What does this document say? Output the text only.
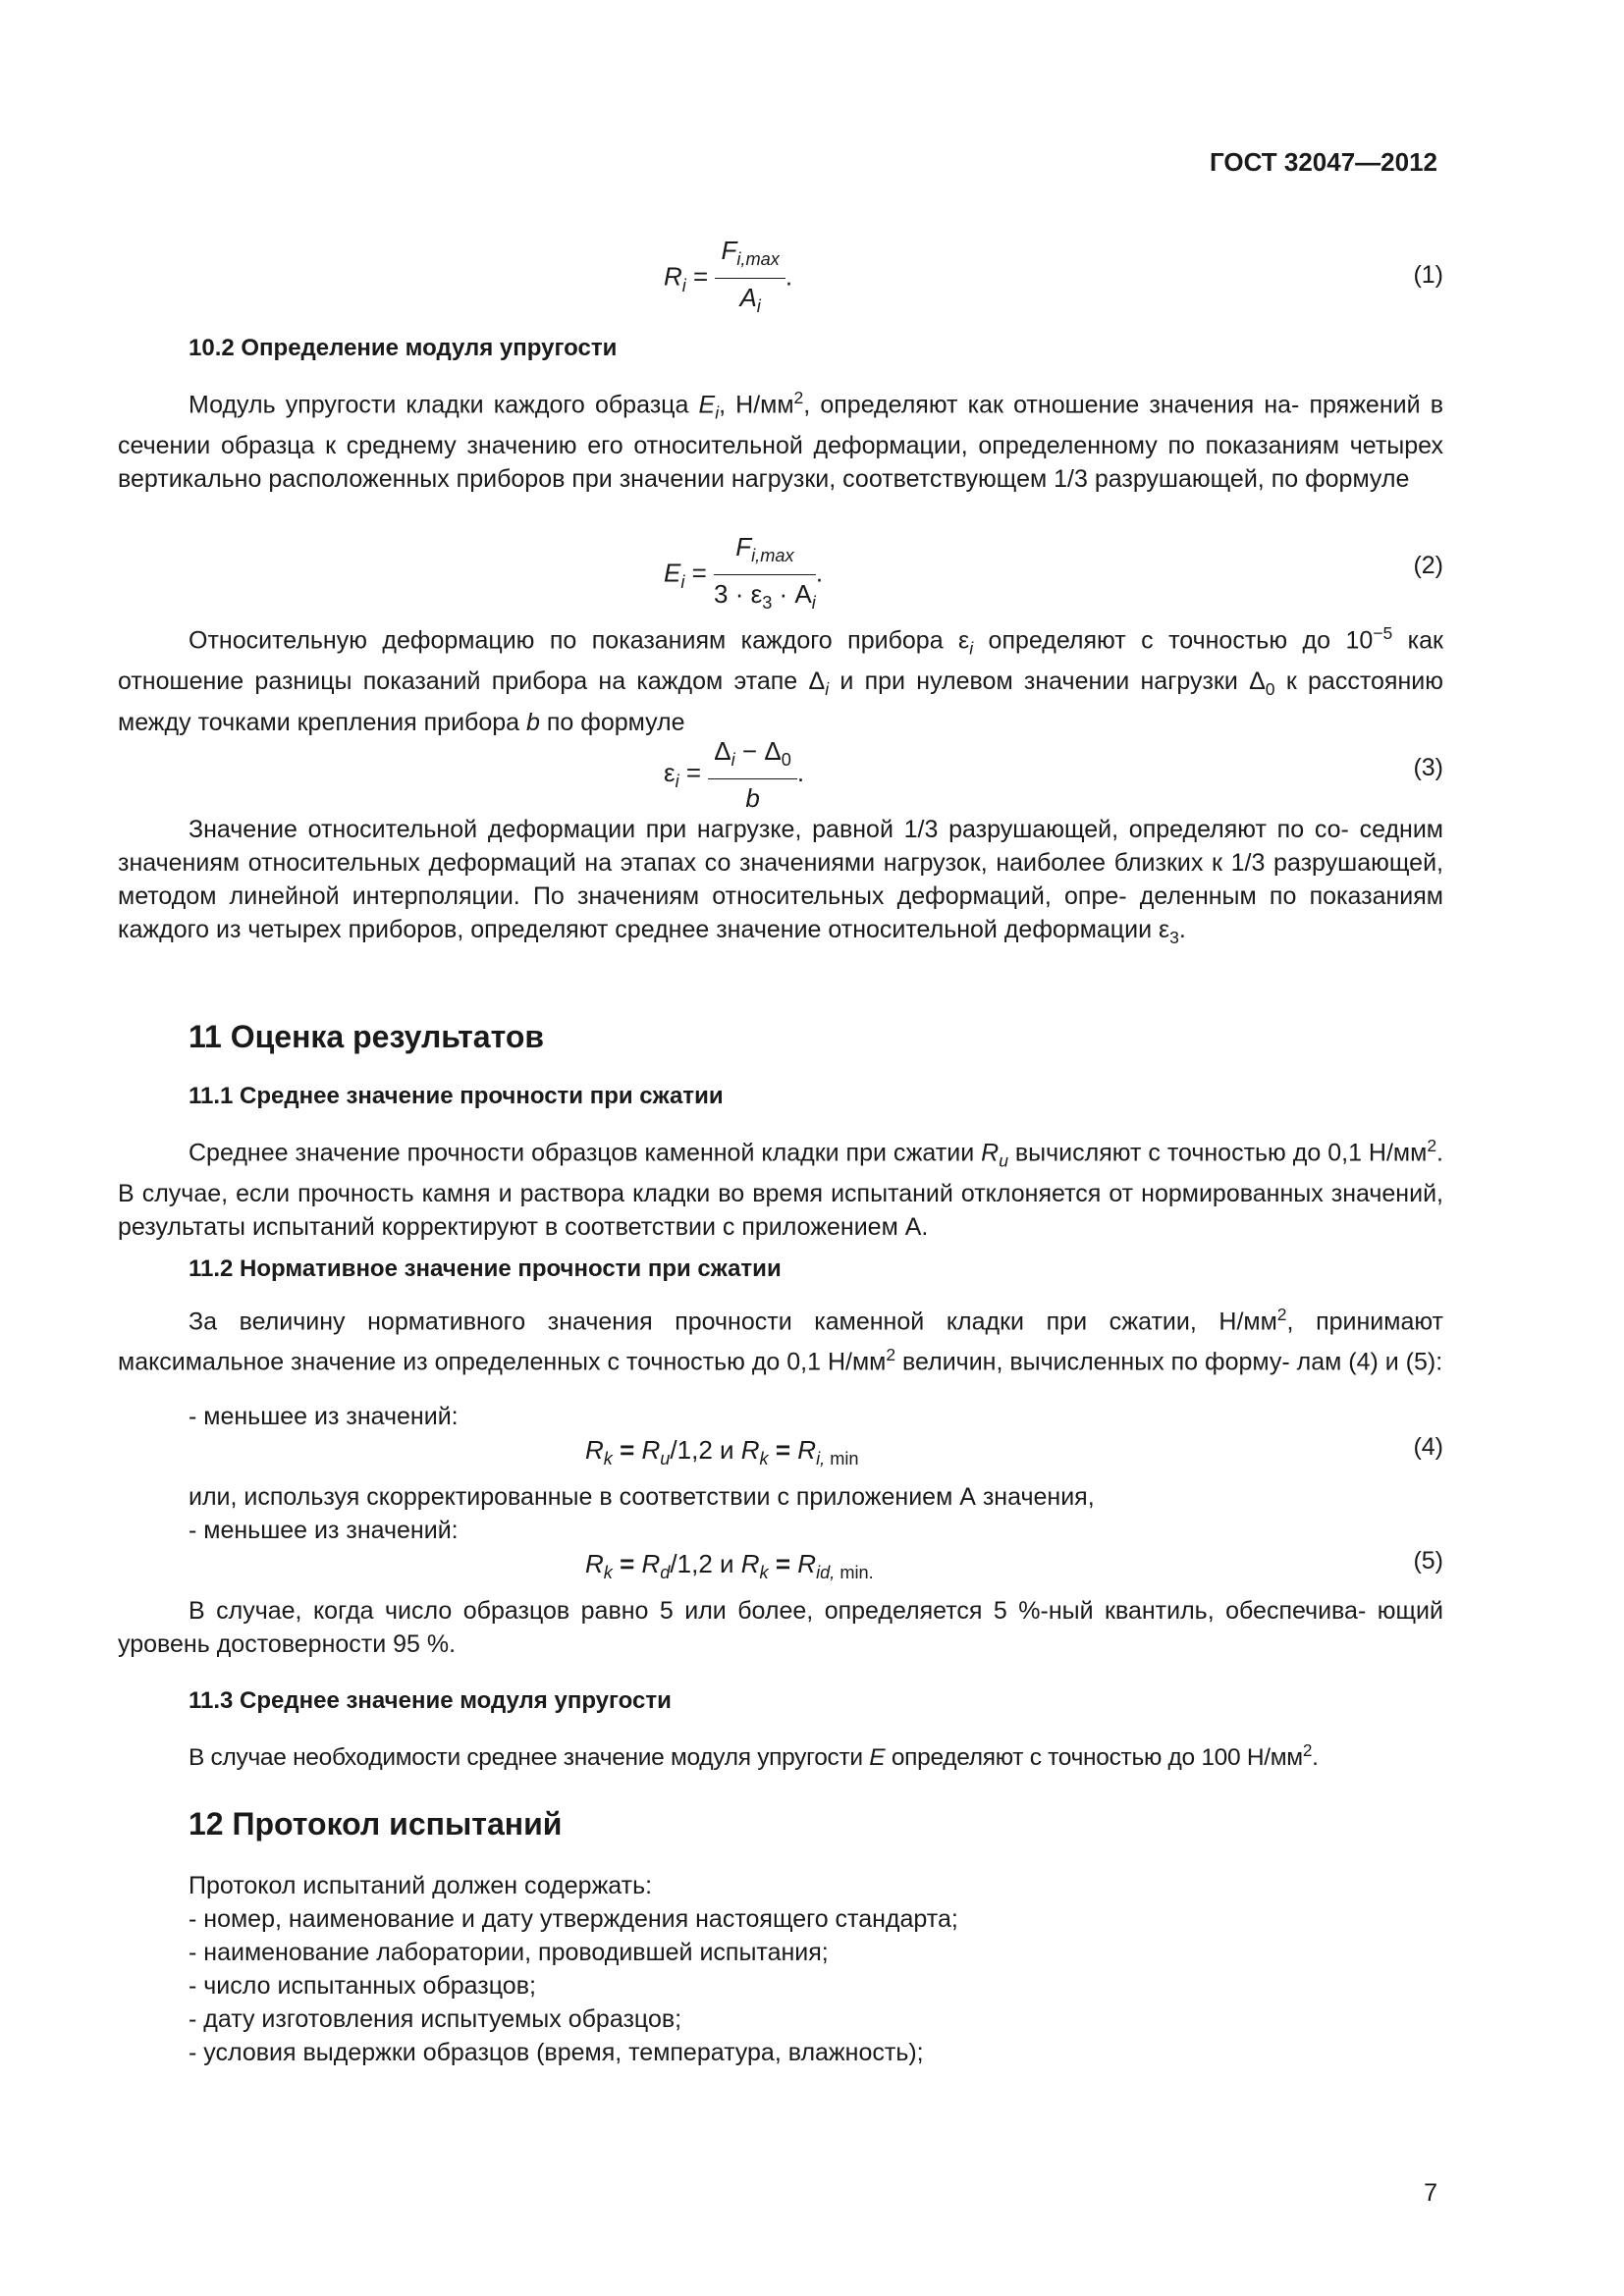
ГОСТ 32047—2012
$R_i = \frac{F_{i,max}}{A_i}$ .	(1)
10.2 Определение модуля упругости
Модуль упругости кладки каждого образца $E_i$, $Н/мм^2$, определяют как отношение значения на- пряжений в сечении образца к среднему значению его относительной деформации, определенному по показаниям четырех вертикально расположенных приборов при значении нагрузки, соответствующем 1/3 разрушающей, по формуле
$E_i = \frac{F_{i,max}}{3 \cdot \varepsilon_3 \cdot A_i}$ .	(2)
Относительную деформацию по показаниям каждого прибора $\varepsilon_i$ определяют с точностью до $10^{-5}$ как отношение разницы показаний прибора на каждом этапе $\Delta_i$ и при нулевом значении нагрузки $\Delta_0$ к расстоянию между точками крепления прибора b по формуле
$\varepsilon_i = \frac{\Delta_i - \Delta_0}{b}$ .	(3)
Значение относительной деформации при нагрузке, равной 1/3 разрушающей, определяют по со- седним значениям относительных деформаций на этапах со значениями нагрузок, наиболее близких к 1/3 разрушающей, методом линейной интерполяции. По значениям относительных деформаций, опре- деленным по показаниям каждого из четырех приборов, определяют среднее значение относительной деформации $\varepsilon_3$.
11 Оценка результатов
11.1 Среднее значение прочности при сжатии
Среднее значение прочности образцов каменной кладки при сжатии $R_u$ вычисляют с точностью до 0,1 $Н/мм^2$. В случае, если прочность камня и раствора кладки во время испытаний отклоняется от нормированных значений, результаты испытаний корректируют в соответствии с приложением А.
11.2 Нормативное значение прочности при сжатии
За величину нормативного значения прочности каменной кладки при сжатии, $Н/мм^2$, принимают максимальное значение из определенных с точностью до 0,1 $Н/мм^2$ величин, вычисленных по форму- лам (4) и (5):
- меньшее из значений:
$R_k = R_u/1,2$ и $R_k = R_{i, min}$	(4)
или, используя скорректированные в соответствии с приложением А значения,
- меньшее из значений:
$R_k = R_d/1,2$ и $R_k = R_{id, min.}$	(5)
В случае, когда число образцов равно 5 или более, определяется 5 %-ный квантиль, обеспечива- ющий уровень достоверности 95 %.
11.3 Среднее значение модуля упругости
В случае необходимости среднее значение модуля упругости E определяют с точностью до 100 $Н/мм^2$.
12 Протокол испытаний
Протокол испытаний должен содержать:
- номер, наименование и дату утверждения настоящего стандарта;
- наименование лаборатории, проводившей испытания;
- число испытанных образцов;
- дату изготовления испытуемых образцов;
- условия выдержки образцов (время, температура, влажность);
7
